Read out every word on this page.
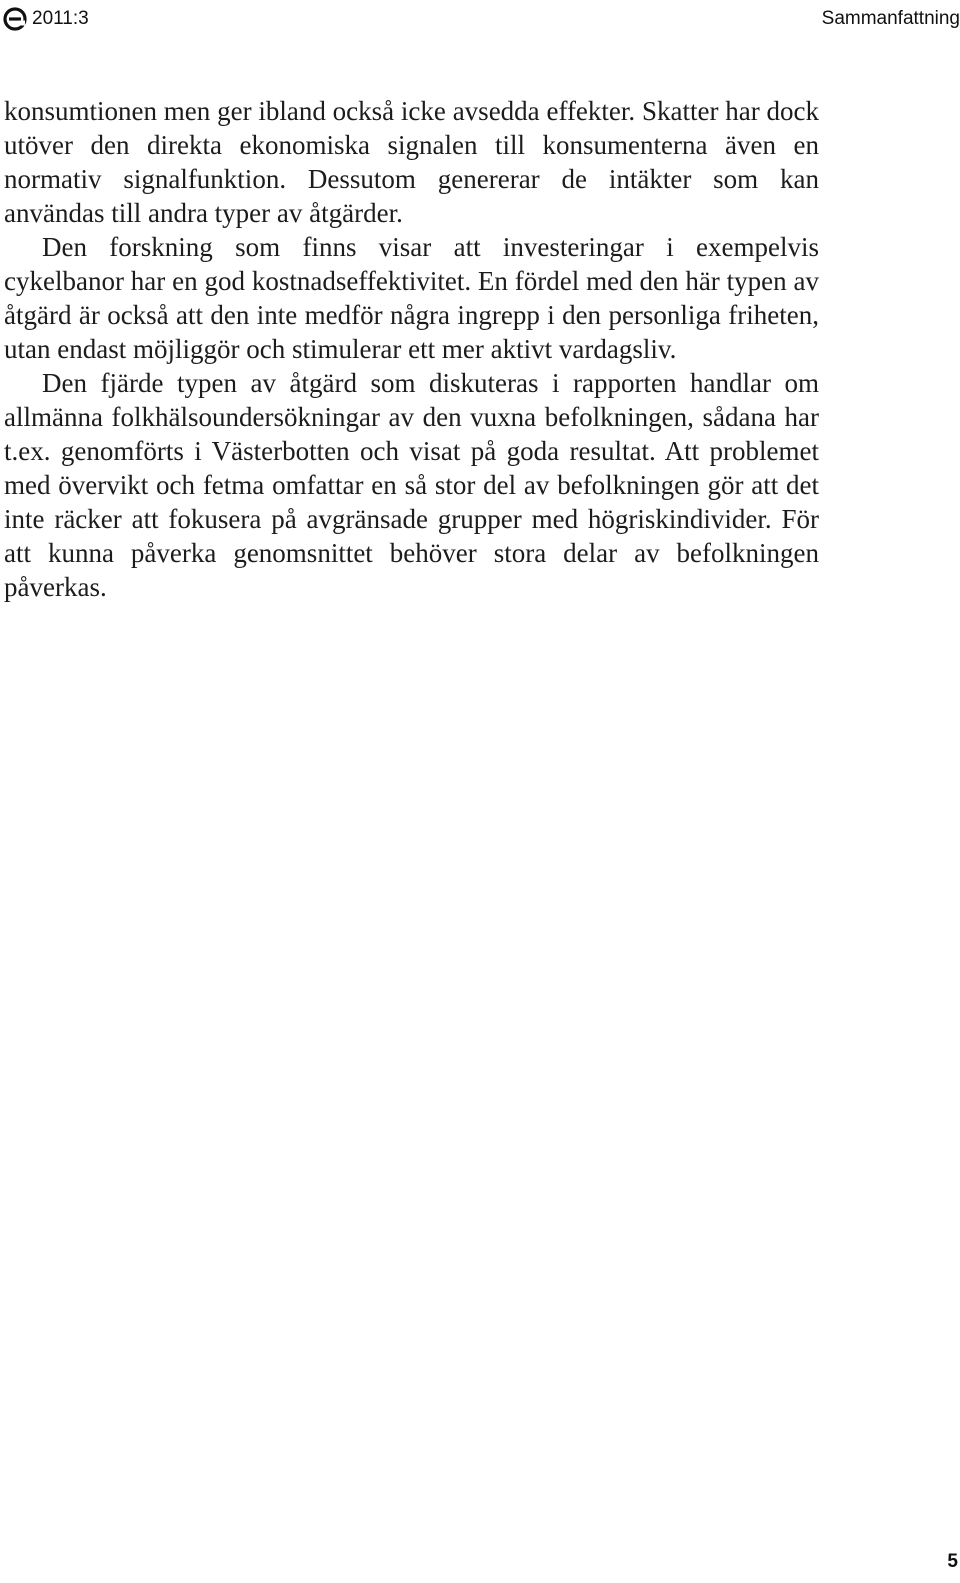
2011:3	Sammanfattning

konsumtionen men ger ibland också icke avsedda effekter. Skatter har dock utöver den direkta ekonomiska signalen till konsumenterna även en normativ signalfunktion. Dessutom genererar de intäkter som kan användas till andra typer av åtgärder.

Den forskning som finns visar att investeringar i exempelvis cykelbanor har en god kostnadseffektivitet. En fördel med den här typen av åtgärd är också att den inte medför några ingrepp i den personliga friheten, utan endast möjliggör och stimulerar ett mer aktivt vardagsliv.

Den fjärde typen av åtgärd som diskuteras i rapporten handlar om allmänna folkhälsoundersökningar av den vuxna befolkningen, sådana har t.ex. genomförts i Västerbotten och visat på goda resultat. Att problemet med övervikt och fetma omfattar en så stor del av befolkningen gör att det inte räcker att fokusera på avgränsade grupper med högriskindivider. För att kunna påverka genomsnittet behöver stora delar av befolkningen påverkas.

5
